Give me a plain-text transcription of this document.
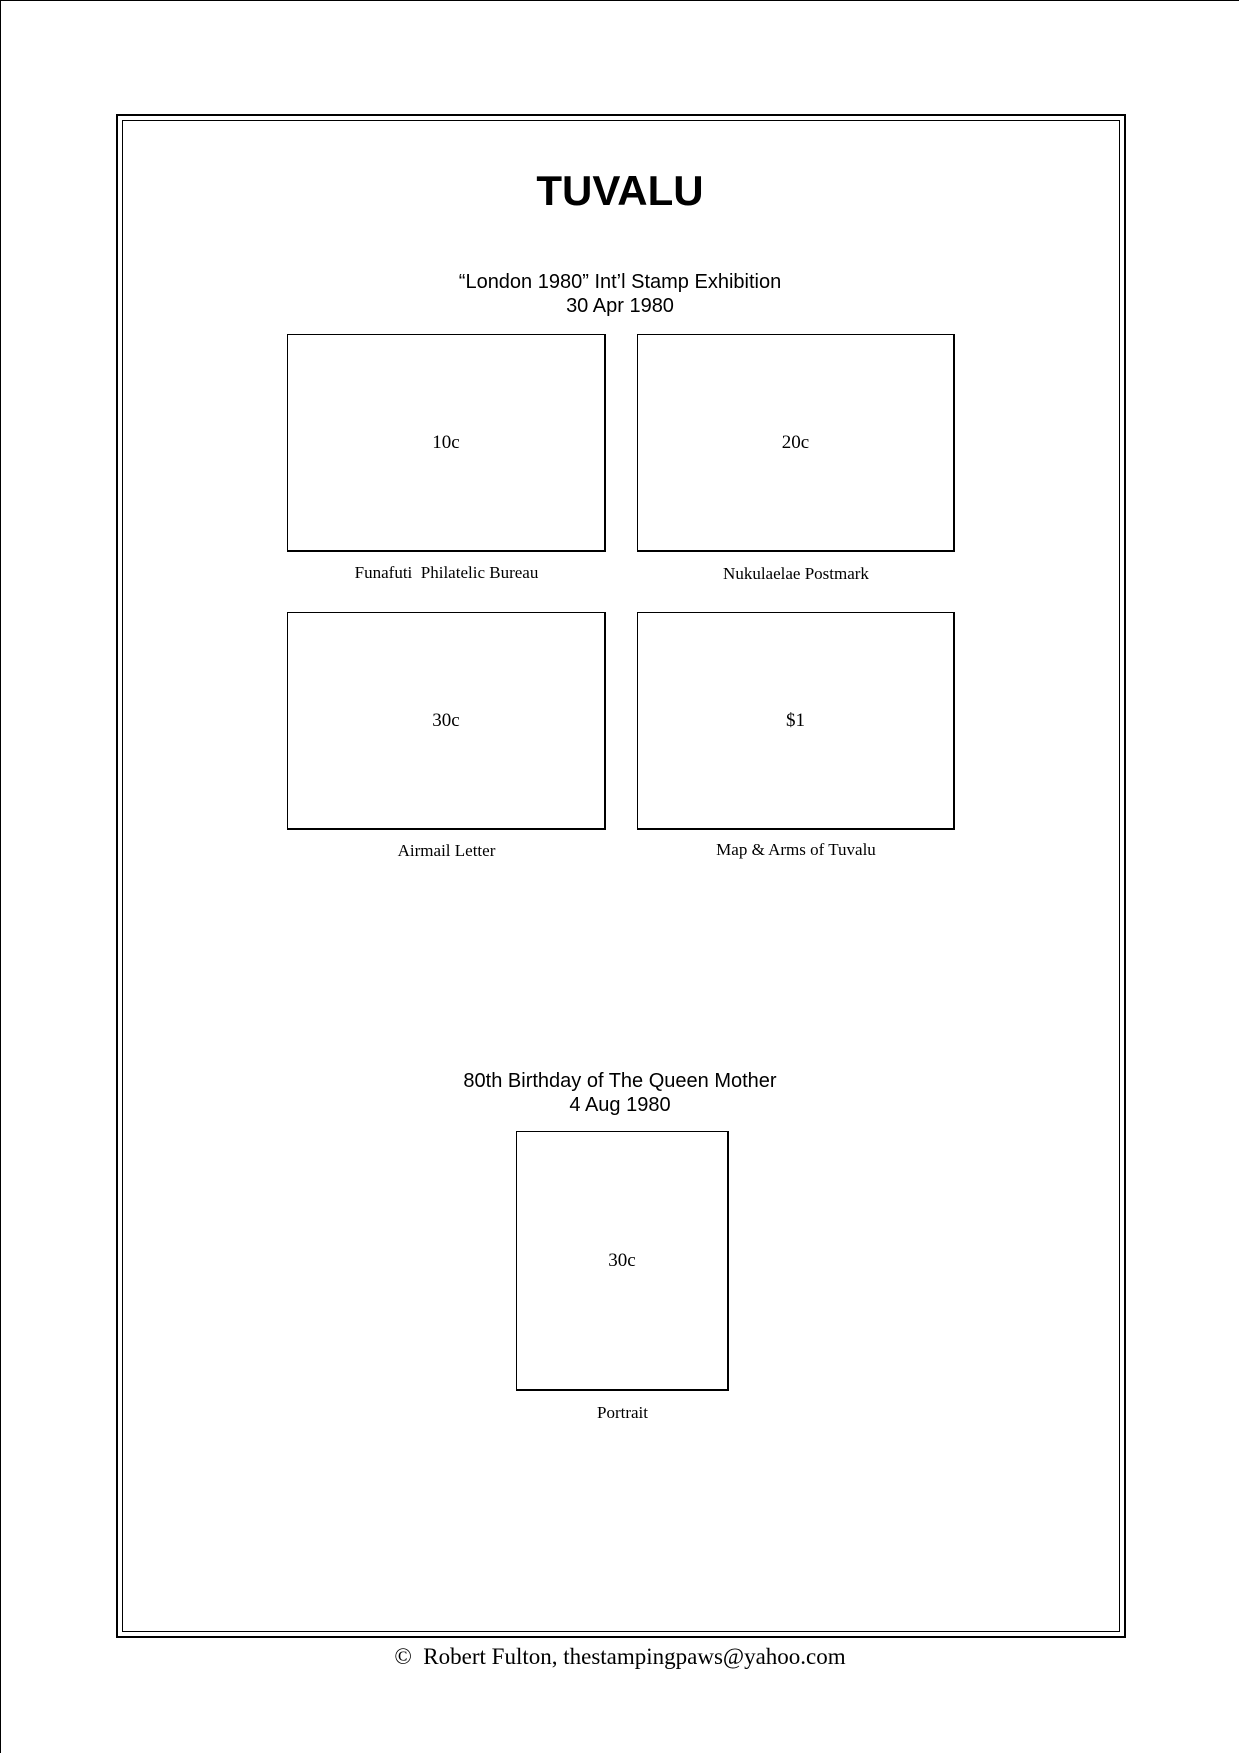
TUVALU
“London 1980” Int’l Stamp Exhibition
30 Apr 1980
10c
Funafuti  Philatelic Bureau
20c
Nukulaelae Postmark
30c
Airmail Letter
$1
Map & Arms of Tuvalu
80th Birthday of The Queen Mother
4 Aug 1980
30c
Portrait
©  Robert Fulton, thestampingpaws@yahoo.com
